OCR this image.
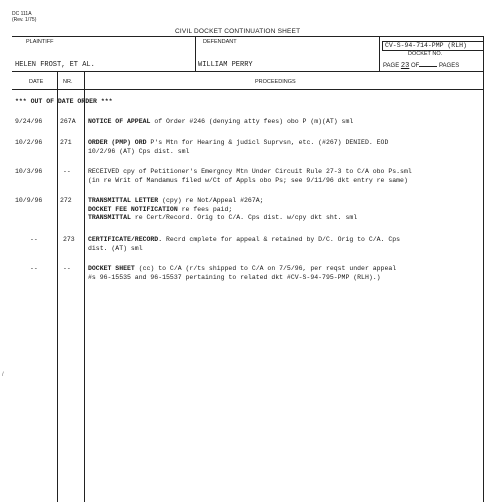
DC 111A
(Rev. 1/75)
CIVIL DOCKET CONTINUATION SHEET
PLAINTIFF	DEFENDANT	CV-S-94-714-PMP (RLH)
DOCKET NO.
HELEN FROST, ET AL.	WILLIAM PERRY	PAGE 23 OF	PAGES
DATE	NR.	PROCEEDINGS
*** OUT OF DATE ORDER ***
9/24/96	267A NOTICE OF APPEAL of Order #246 (denying atty fees) obo P (m)(AT) sml
10/2/96	271	ORDER (PMP) ORD P's Mtn for Hearing & judicl Suprvsn, etc. (#267) DENIED. EOD
10/2/96 (AT) Cps dist. sml
10/3/96	--	RECEIVED cpy of Petitioner's Emergncy Mtn Under Circuit Rule 27-3 to C/A obo Ps.sml
(in re Writ of Mandamus filed w/Ct of Appls obo Ps; see 9/11/96 dkt entry re same)
10/9/96	272	TRANSMITTAL LETTER (cpy) re Not/Appeal #267A;
DOCKET FEE NOTIFICATION re fees paid;
TRANSMITTAL re Cert/Record. Orig to C/A. Cps dist. w/cpy dkt sht. sml
--	273 CERTIFICATE/RECORD. Recrd cmplete for appeal & retained by D/C. Orig to C/A. Cps
dist. (AT) sml
--	--	DOCKET SHEET (cc) to C/A (r/ts shipped to C/A on 7/5/96, per reqst under appeal
#s 96-15535 and 96-15537 pertaining to related dkt #CV-S-94-795-PMP (RLH).)
/
